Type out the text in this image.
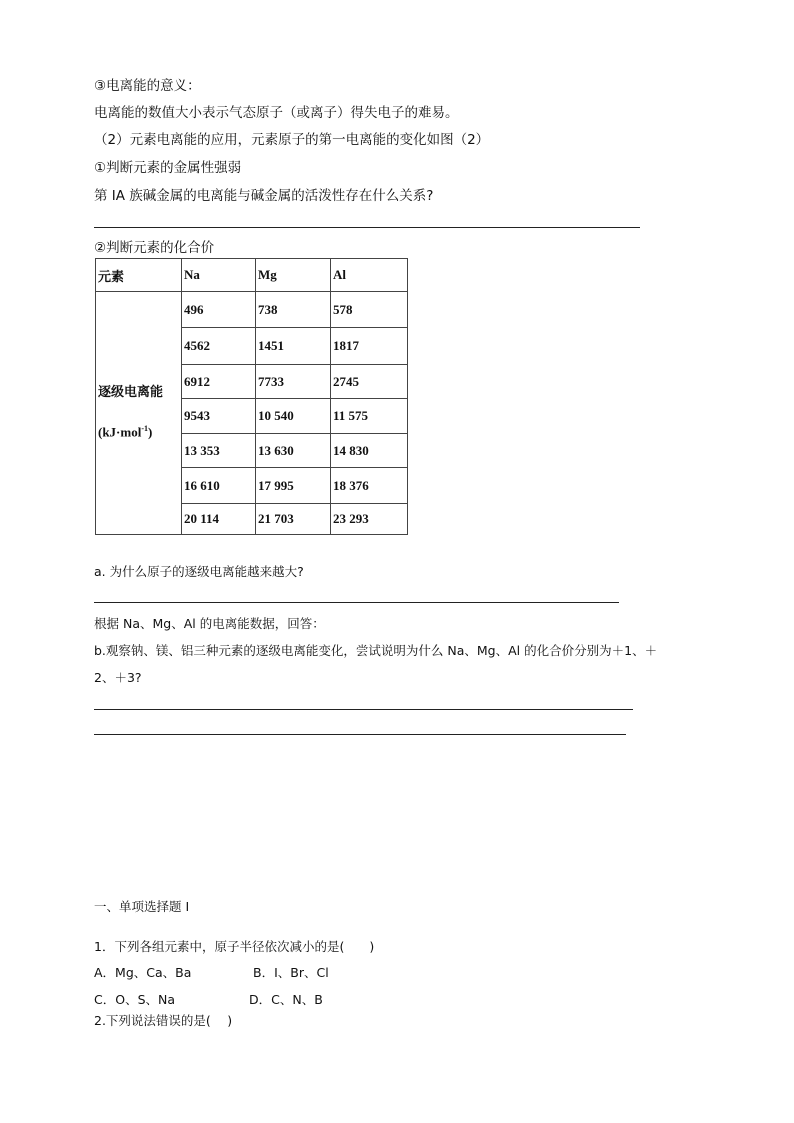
③电离能的意义：
电离能的数值大小表示气态原子（或离子）得失电子的难易。
（2）元素电离能的应用，元素原子的第一电离能的变化如图（2）
①判断元素的金属性强弱
第 IA 族碱金属的电离能与碱金属的活泼性存在什么关系?
②判断元素的化合价
元素	Na	Mg	Al

逐级电离能
(kJ·mol$^{-1}$)	496	738	578
	4562	1451	1817
	6912	7733	2745
	9543	10 540	11 575
	13 353	13 630	14 830
	16 610	17 995	18 376
	20 114	21 703	23 293
a. 为什么原子的逐级电离能越来越大?
根据 Na、Mg、Al 的电离能数据，回答：
b.观察钠、镁、铝三种元素的逐级电离能变化，尝试说明为什么 Na、Mg、Al 的化合价分别为＋1、＋
2、＋3?
一、单项选择题 I
1．下列各组元素中，原子半径依次减小的是(　　)
A．Mg、Ca、Ba	B．I、Br、Cl
C．O、S、Na	D．C、N、B
2.下列说法错误的是(　 )
